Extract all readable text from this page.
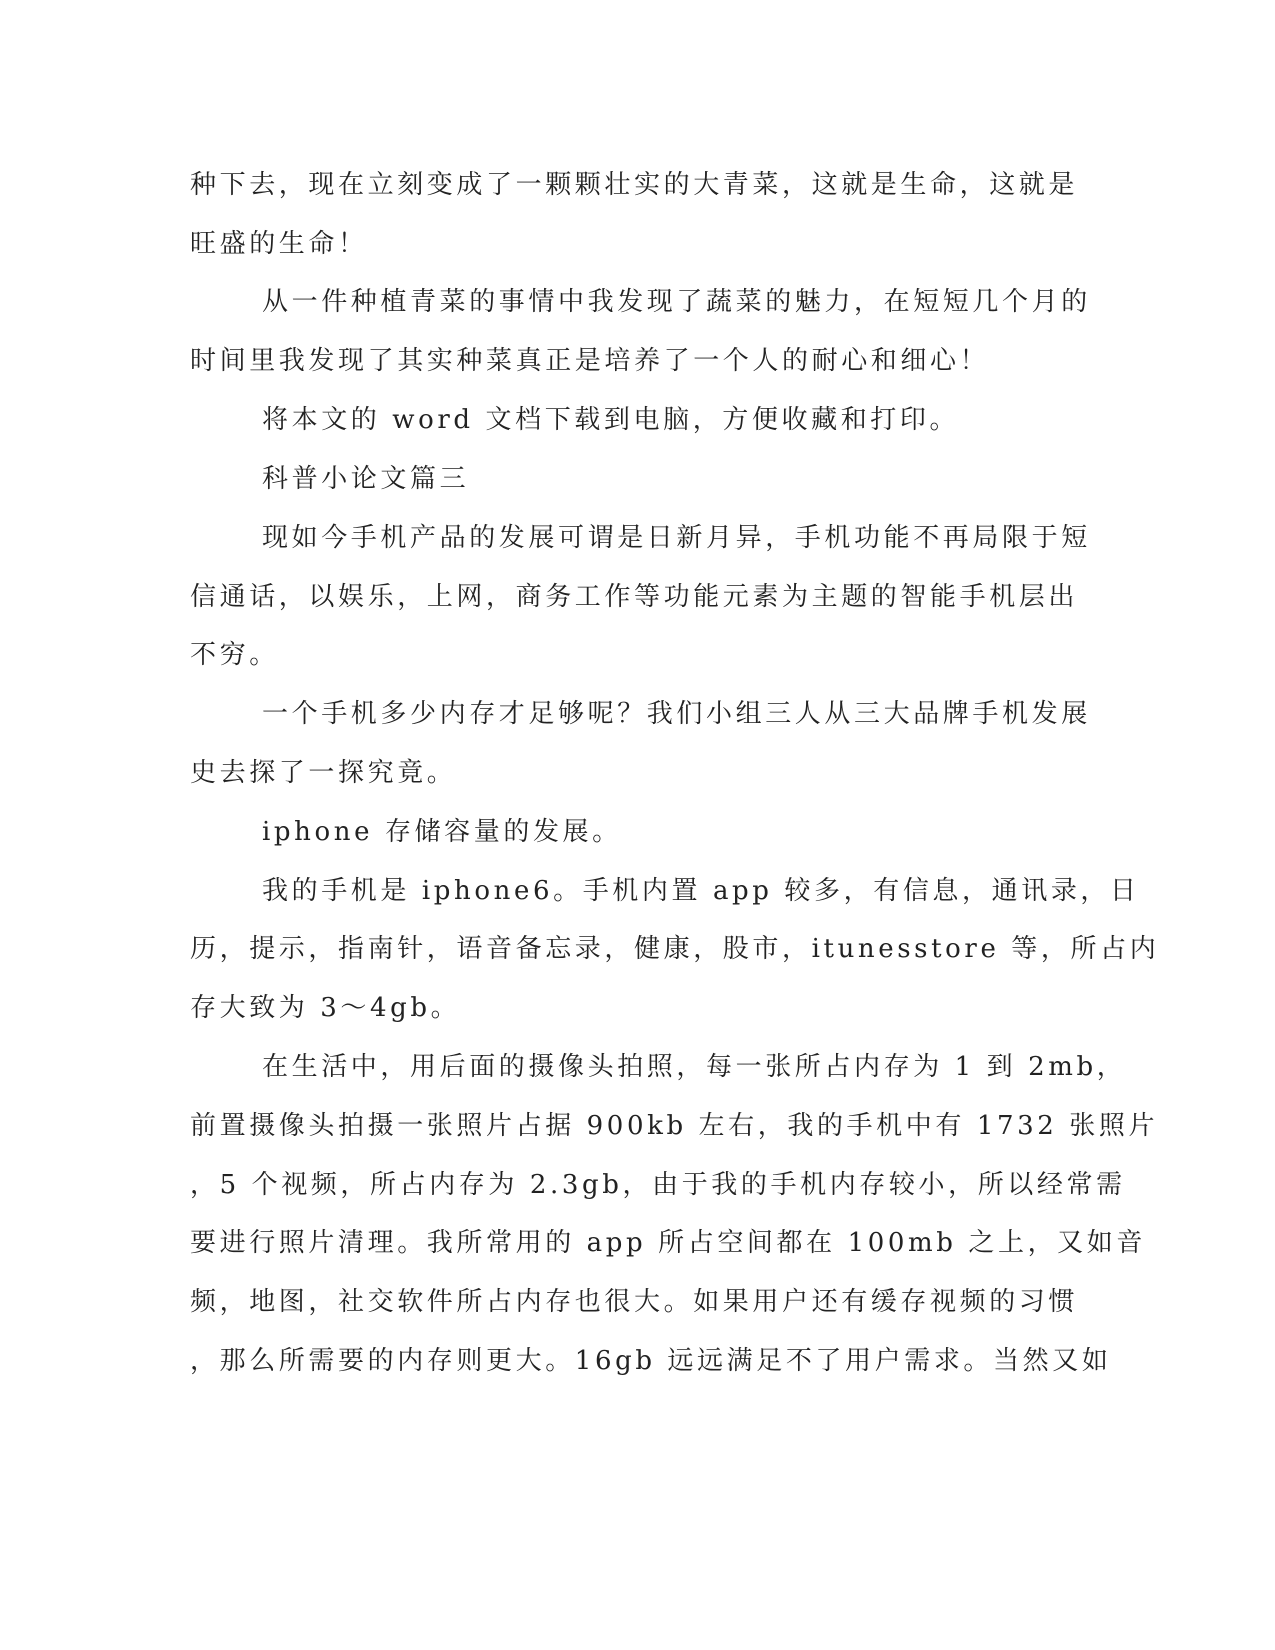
种下去，现在立刻变成了一颗颗壮实的大青菜，这就是生命，这就是
旺盛的生命！
从一件种植青菜的事情中我发现了蔬菜的魅力，在短短几个月的
时间里我发现了其实种菜真正是培养了一个人的耐心和细心！
将本文的 word 文档下载到电脑，方便收藏和打印。
科普小论文篇三
现如今手机产品的发展可谓是日新月异，手机功能不再局限于短
信通话，以娱乐，上网，商务工作等功能元素为主题的智能手机层出
不穷。
一个手机多少内存才足够呢？我们小组三人从三大品牌手机发展
史去探了一探究竟。
iphone 存储容量的发展。
我的手机是 iphone6。手机内置 app 较多，有信息，通讯录，日
历，提示，指南针，语音备忘录，健康，股市，itunesstore 等，所占内
存大致为 3～4gb。
在生活中，用后面的摄像头拍照，每一张所占内存为 1 到 2mb，
前置摄像头拍摄一张照片占据 900kb 左右，我的手机中有 1732 张照片
，5 个视频，所占内存为 2.3gb，由于我的手机内存较小，所以经常需
要进行照片清理。我所常用的 app 所占空间都在 100mb 之上，又如音
频，地图，社交软件所占内存也很大。如果用户还有缓存视频的习惯
，那么所需要的内存则更大。16gb 远远满足不了用户需求。当然又如
